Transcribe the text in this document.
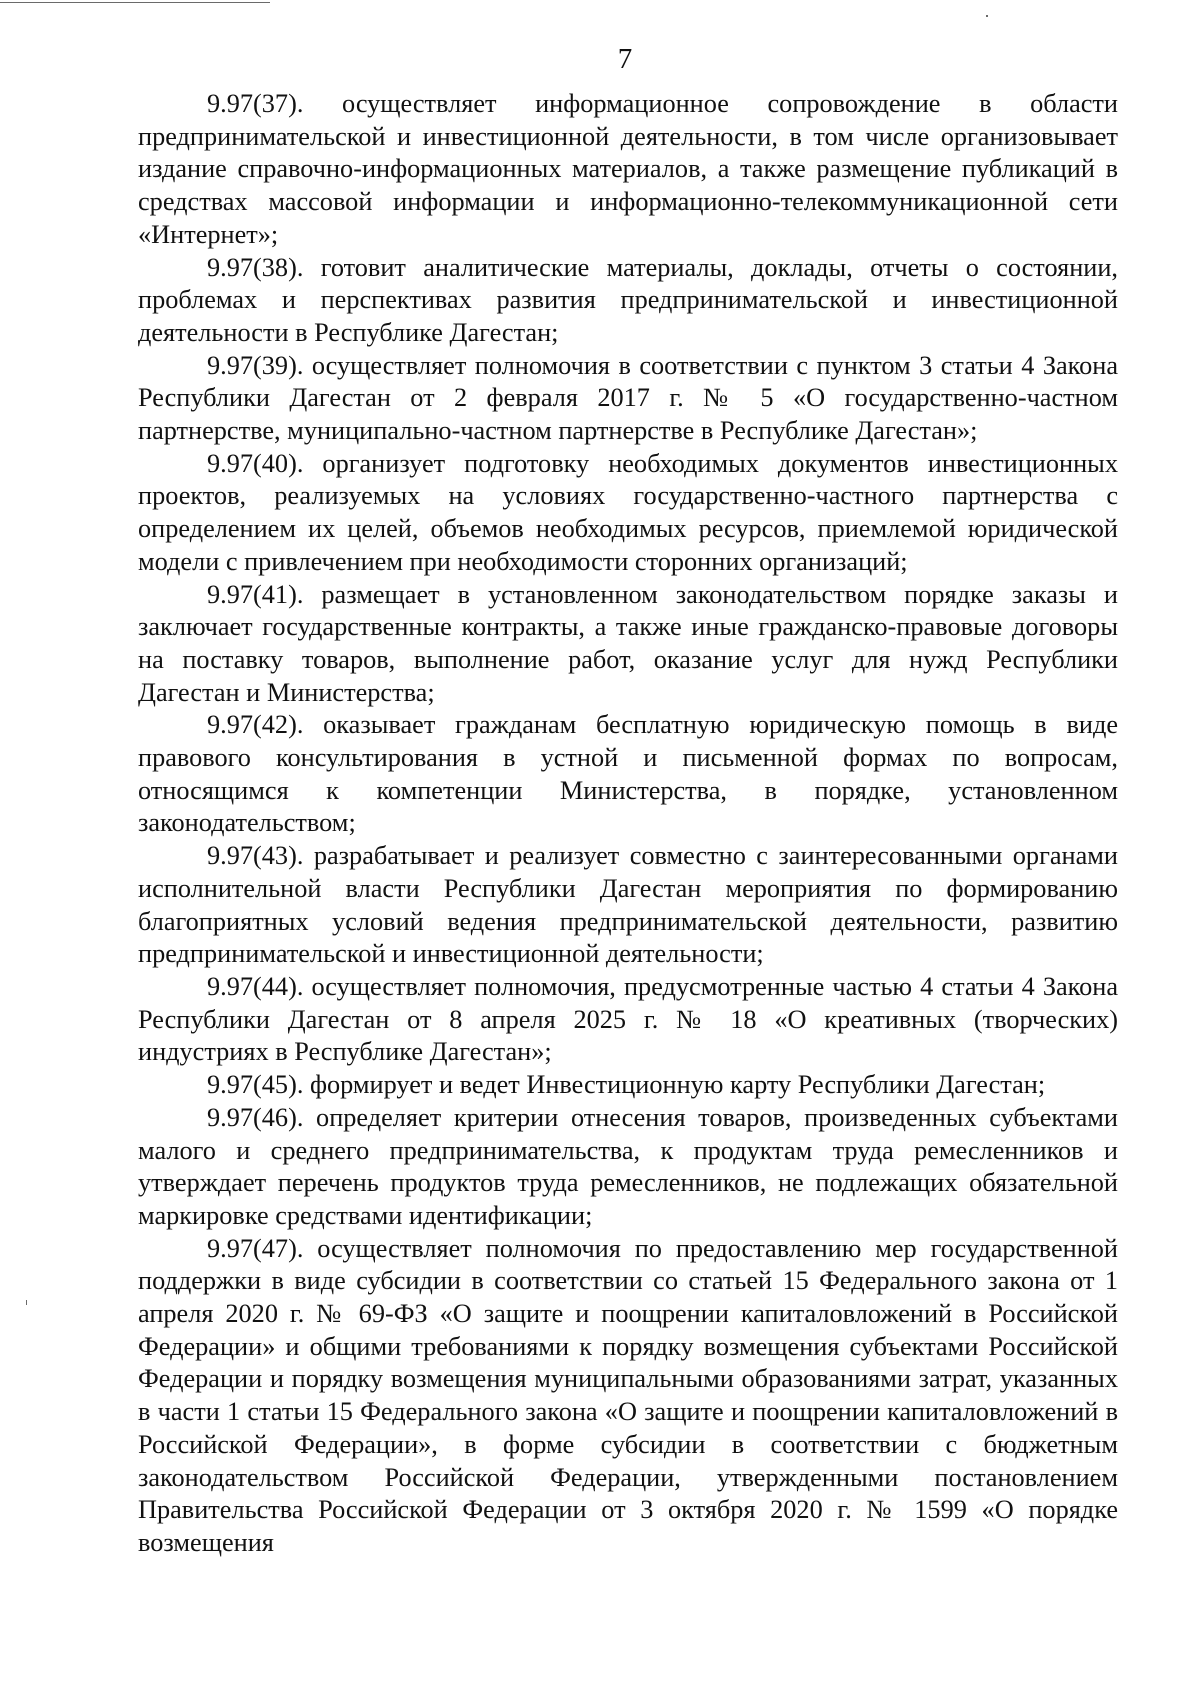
7

9.97(37). осуществляет информационное сопровождение в области предпринимательской и инвестиционной деятельности, в том числе организовывает издание справочно-информационных материалов, а также размещение публикаций в средствах массовой информации и информационно-телекоммуникационной сети «Интернет»;

9.97(38). готовит аналитические материалы, доклады, отчеты о состоянии, проблемах и перспективах развития предпринимательской и инвестиционной деятельности в Республике Дагестан;

9.97(39). осуществляет полномочия в соответствии с пунктом 3 статьи 4 Закона Республики Дагестан от 2 февраля 2017 г. № 5 «О государственно-частном партнерстве, муниципально-частном партнерстве в Республике Дагестан»;

9.97(40). организует подготовку необходимых документов инвестиционных проектов, реализуемых на условиях государственно-частного партнерства с определением их целей, объемов необходимых ресурсов, приемлемой юридической модели с привлечением при необходимости сторонних организаций;

9.97(41). размещает в установленном законодательством порядке заказы и заключает государственные контракты, а также иные гражданско-правовые договоры на поставку товаров, выполнение работ, оказание услуг для нужд Республики Дагестан и Министерства;

9.97(42). оказывает гражданам бесплатную юридическую помощь в виде правового консультирования в устной и письменной формах по вопросам, относящимся к компетенции Министерства, в порядке, установленном законодательством;

9.97(43). разрабатывает и реализует совместно с заинтересованными органами исполнительной власти Республики Дагестан мероприятия по формированию благоприятных условий ведения предпринимательской деятельности, развитию предпринимательской и инвестиционной деятельности;

9.97(44). осуществляет полномочия, предусмотренные частью 4 статьи 4 Закона Республики Дагестан от 8 апреля 2025 г. № 18 «О креативных (творческих) индустриях в Республике Дагестан»;

9.97(45). формирует и ведет Инвестиционную карту Республики Дагестан;

9.97(46). определяет критерии отнесения товаров, произведенных субъектами малого и среднего предпринимательства, к продуктам труда ремесленников и утверждает перечень продуктов труда ремесленников, не подлежащих обязательной маркировке средствами идентификации;

9.97(47). осуществляет полномочия по предоставлению мер государственной поддержки в виде субсидии в соответствии со статьей 15 Федерального закона от 1 апреля 2020 г. № 69-ФЗ «О защите и поощрении капиталовложений в Российской Федерации» и общими требованиями к порядку возмещения субъектами Российской Федерации и порядку возмещения муниципальными образованиями затрат, указанных в части 1 статьи 15 Федерального закона «О защите и поощрении капиталовложений в Российской Федерации», в форме субсидии в соответствии с бюджетным законодательством Российской Федерации, утвержденными постановлением Правительства Российской Федерации от 3 октября 2020 г. № 1599 «О порядке возмещения
